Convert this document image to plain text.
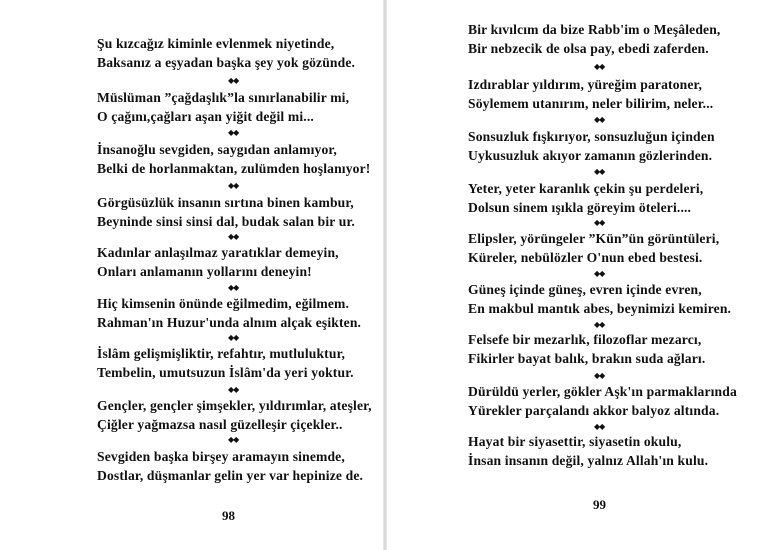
Şu kızcağız kiminle evlenmek niyetinde,
Baksanız a eşyadan başka şey yok gözünde.
◆◆
Müslüman ”çağdaşlık”la sınırlanabilir mi,
O çağını,çağları aşan yiğit değil mi...
◆◆
İnsanoğlu sevgiden, saygıdan anlamıyor,
Belki de horlanmaktan, zulümden hoşlanıyor!
◆◆
Görgüsüzlük insanın sırtına binen kambur,
Beyninde sinsi sinsi dal, budak salan bir ur.
◆◆
Kadınlar anlaşılmaz yaratıklar demeyin,
Onları anlamanın yollarını deneyin!
◆◆
Hiç kimsenin önünde eğilmedim, eğilmem.
Rahman'ın Huzur'unda alnım alçak eşikten.
◆◆
İslâm gelişmişliktir, refahtır, mutluluktur,
Tembelin, umutsuzun İslâm'da yeri yoktur.
◆◆
Gençler, gençler şimşekler, yıldırımlar, ateşler,
Çiğler yağmazsa nasıl güzelleşir çiçekler..
◆◆
Sevgiden başka birşey aramayın sinemde,
Dostlar, düşmanlar gelin yer var hepinize de.
98
Bir kıvılcım da bize Rabb'im o Meşâleden,
Bir nebzecik de olsa pay, ebedi zaferden.
◆◆
Izdırablar yıldırım, yüreğim paratoner,
Söylemem utanırım, neler bilirim, neler...
◆◆
Sonsuzluk fışkırıyor, sonsuzluğun içinden
Uykusuzluk akıyor zamanın gözlerinden.
◆◆
Yeter, yeter karanlık çekin şu perdeleri,
Dolsun sinem ışıkla göreyim öteleri....
◆◆
Elipsler, yörüngeler ”Kün”ün görüntüleri,
Küreler, nebülözler O'nun ebed bestesi.
◆◆
Güneş içinde güneş, evren içinde evren,
En makbul mantık abes, beynimizi kemiren.
◆◆
Felsefe bir mezarlık, filozoflar mezarcı,
Fikirler bayat balık, brakın suda ağları.
◆◆
Dürüldü yerler, gökler Aşk'ın parmaklarında
Yürekler parçalandı akkor balyoz altında.
◆◆
Hayat bir siyasettir, siyasetin okulu,
İnsan insanın değil, yalnız Allah'ın kulu.
99
